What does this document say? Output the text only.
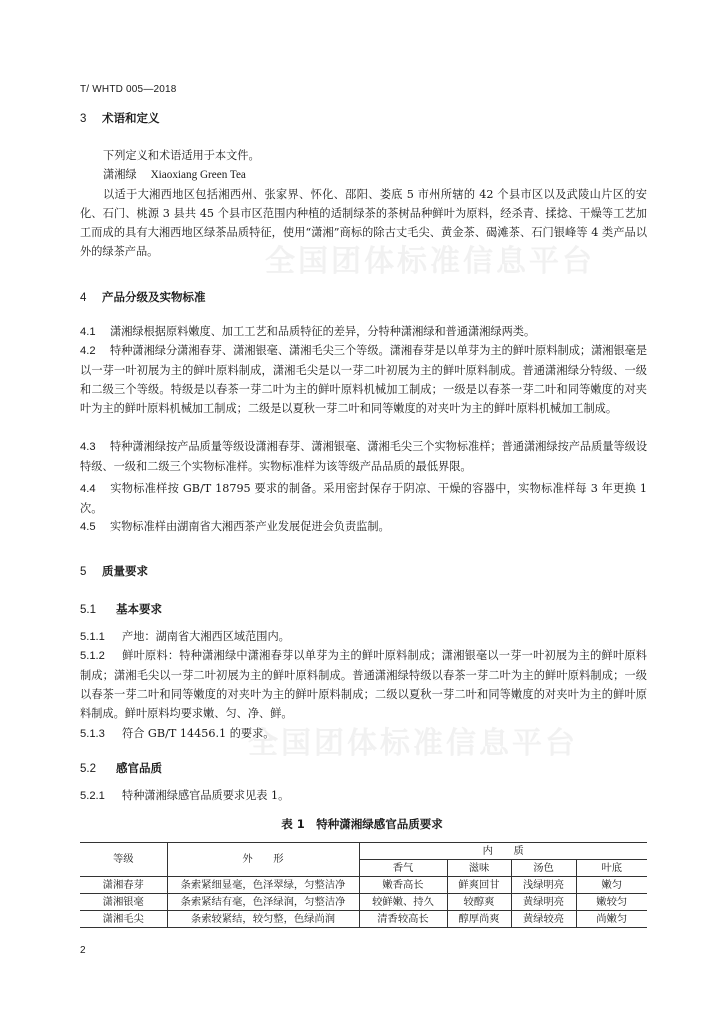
全国团体标准信息平台
全国团体标准信息平台
T/ WHTD 005—2018
3 术语和定义
下列定义和术语适用于本文件。
潇湘绿 Xiaoxiang Green Tea
以适于大湘西地区包括湘西州、张家界、怀化、邵阳、娄底 5 市州所辖的 42 个县市区以及武陵山片区的安化、石门、桃源 3 县共 45 个县市区范围内种植的适制绿茶的茶树品种鲜叶为原料，经杀青、揉捻、干燥等工艺加工而成的具有大湘西地区绿茶品质特征，使用“潇湘”商标的除古丈毛尖、黄金茶、碣滩茶、石门银峰等 4 类产品以外的绿茶产品。
4 产品分级及实物标准
4.1 潇湘绿根据原料嫩度、加工工艺和品质特征的差异，分特种潇湘绿和普通潇湘绿两类。
4.2 特种潇湘绿分潇湘春芽、潇湘银毫、潇湘毛尖三个等级。潇湘春芽是以单芽为主的鲜叶原料制成；潇湘银毫是以一芽一叶初展为主的鲜叶原料制成，潇湘毛尖是以一芽二叶初展为主的鲜叶原料制成。普通潇湘绿分特级、一级和二级三个等级。特级是以春茶一芽二叶为主的鲜叶原料机械加工制成；一级是以春茶一芽二叶和同等嫩度的对夹叶为主的鲜叶原料机械加工制成；二级是以夏秋一芽二叶和同等嫩度的对夹叶为主的鲜叶原料机械加工制成。
4.3 特种潇湘绿按产品质量等级设潇湘春芽、潇湘银毫、潇湘毛尖三个实物标准样；普通潇湘绿按产品质量等级设特级、一级和二级三个实物标准样。实物标准样为该等级产品品质的最低界限。
4.4 实物标准样按 GB/T 18795 要求的制备。采用密封保存于阴凉、干燥的容器中，实物标准样每 3 年更换 1 次。
4.5 实物标准样由湖南省大湘西茶产业发展促进会负责监制。
5 质量要求
5.1 基本要求
5.1.1 产地：湖南省大湘西区域范围内。
5.1.2 鲜叶原料：特种潇湘绿中潇湘春芽以单芽为主的鲜叶原料制成；潇湘银毫以一芽一叶初展为主的鲜叶原料制成；潇湘毛尖以一芽二叶初展为主的鲜叶原料制成。普通潇湘绿特级以春茶一芽二叶为主的鲜叶原料制成；一级以春茶一芽二叶和同等嫩度的对夹叶为主的鲜叶原料制成；二级以夏秋一芽二叶和同等嫩度的对夹叶为主的鲜叶原料制成。鲜叶原料均要求嫩、匀、净、鲜。
5.1.3 符合 GB/T 14456.1 的要求。
5.2 感官品质
5.2.1 特种潇湘绿感官品质要求见表 1。
表 1　特种潇湘绿感官品质要求
等级	外　　形	内　　质			
		香气	滋味	汤色	叶底
潇湘春芽	条索紧细显毫，色泽翠绿，匀整洁净	嫩香高长	鲜爽回甘	浅绿明亮	嫩匀
潇湘银毫	条索紧结有毫，色泽绿润，匀整洁净	较鲜嫩、持久	较醇爽	黄绿明亮	嫩较匀
潇湘毛尖	条索较紧结，较匀整，色绿尚润	清香较高长	醇厚尚爽	黄绿较亮	尚嫩匀
2
